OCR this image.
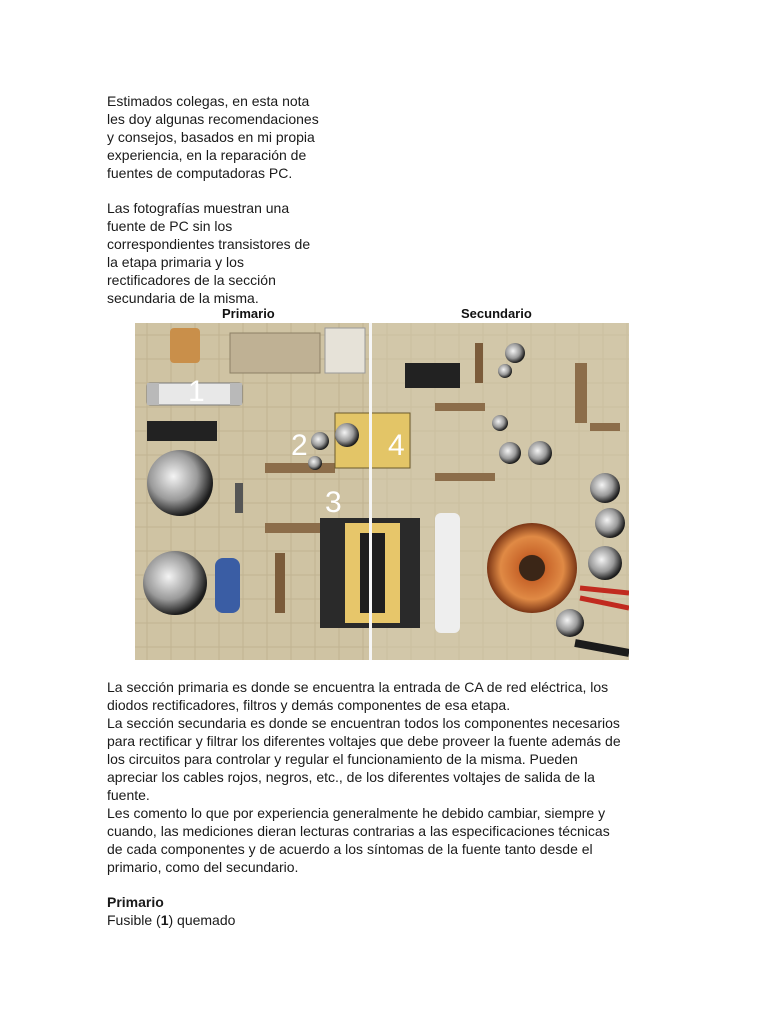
Estimados colegas, en esta nota
les doy algunas recomendaciones
y consejos, basados en mi propia
experiencia, en la reparación de
fuentes de computadoras PC.
Las fotografías muestran una
fuente de PC sin los
correspondientes transistores de
la etapa primaria y los
rectificadores de la sección
secundaria de la misma.
Primario	Secundario
1
2
3
4
La sección primaria es donde se encuentra la entrada de CA de red eléctrica, los
diodos rectificadores, filtros y demás componentes de esa etapa.
La sección secundaria es donde se encuentran todos los componentes necesarios
para rectificar y filtrar los diferentes voltajes que debe proveer la fuente además de
los circuitos para controlar y regular el funcionamiento de la misma. Pueden
apreciar los cables rojos, negros, etc., de los diferentes voltajes de salida de la
fuente.
Les comento lo que por experiencia generalmente he debido cambiar, siempre y
cuando, las mediciones dieran lecturas contrarias a las especificaciones técnicas
de cada componentes y de acuerdo a los síntomas de la fuente tanto desde el
primario, como del secundario.
Primario
Fusible (1) quemado
